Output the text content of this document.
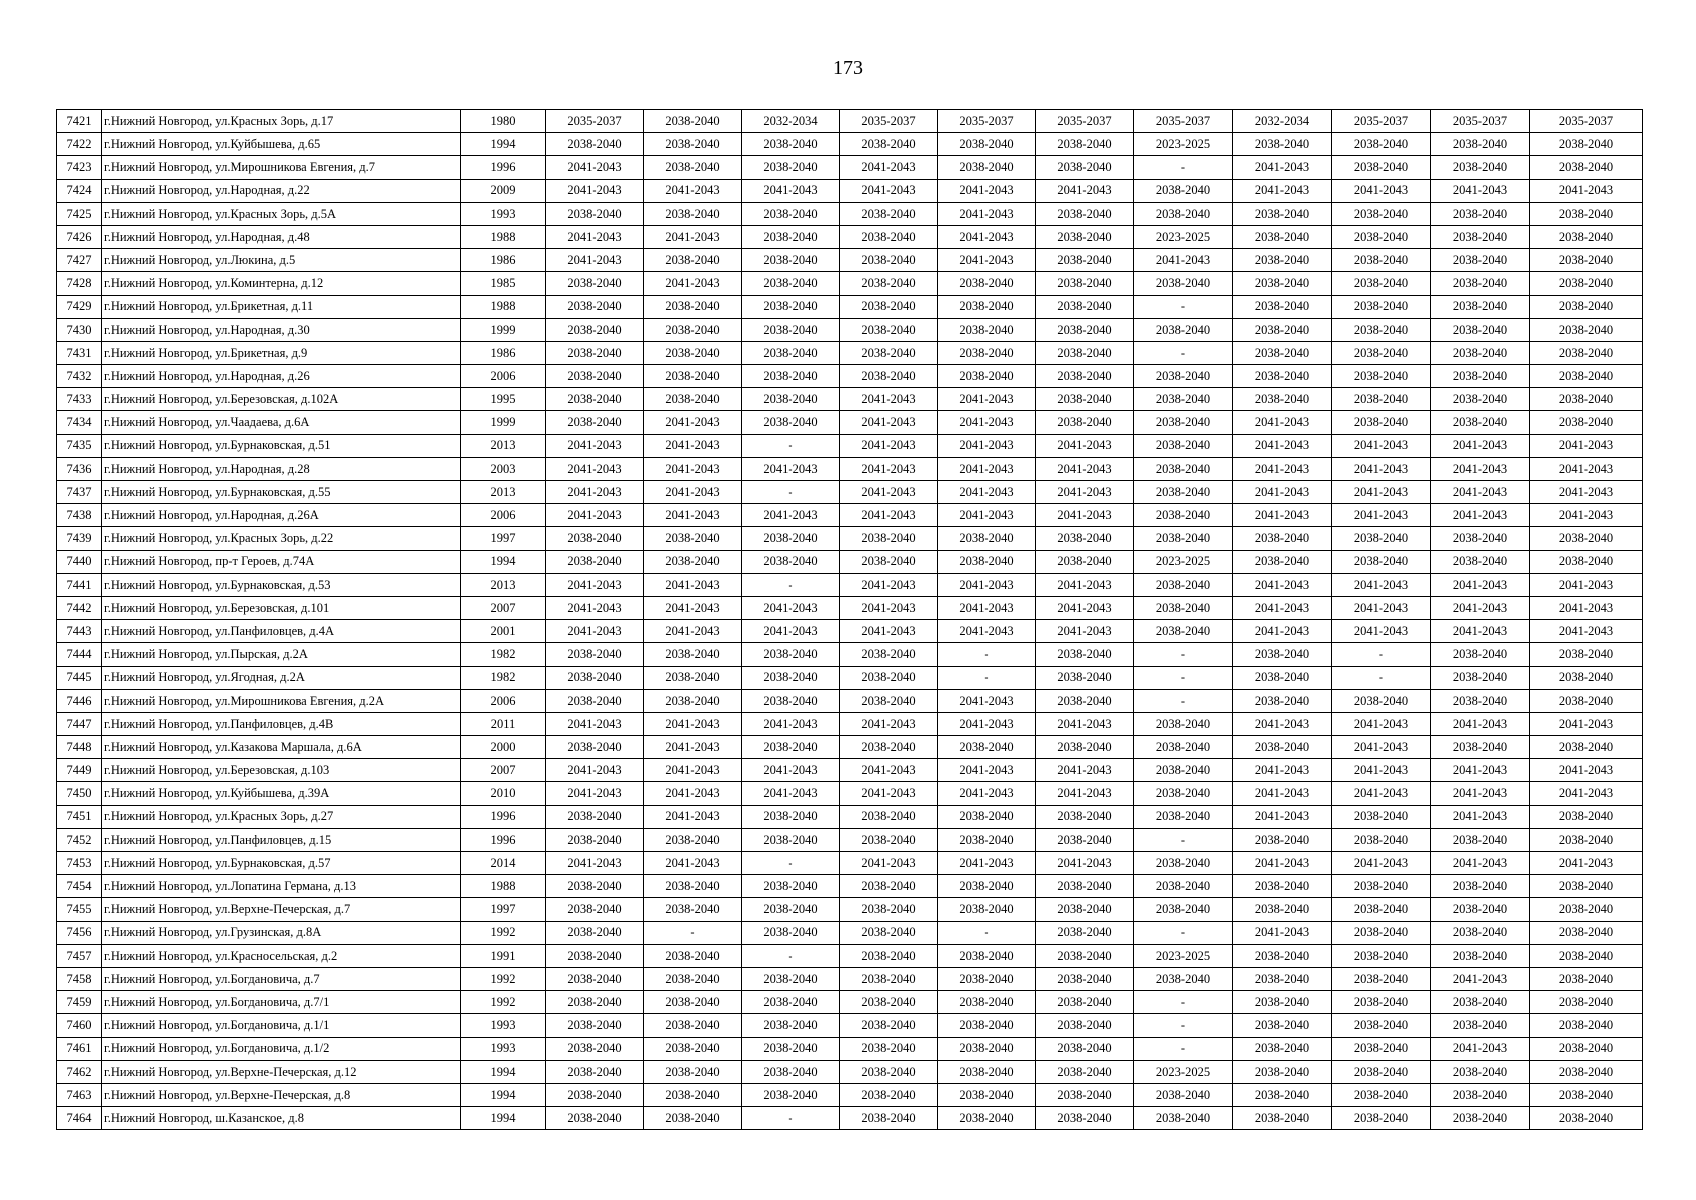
173
7421	г.Нижний Новгород, ул.Красных Зорь, д.17	1980	2035-2037	2038-2040	2032-2034	2035-2037	2035-2037	2035-2037	2035-2037	2032-2034	2035-2037	2035-2037	2035-2037
7422	г.Нижний Новгород, ул.Куйбышева, д.65	1994	2038-2040	2038-2040	2038-2040	2038-2040	2038-2040	2038-2040	2023-2025	2038-2040	2038-2040	2038-2040	2038-2040
7423	г.Нижний Новгород, ул.Мирошникова Евгения, д.7	1996	2041-2043	2038-2040	2038-2040	2041-2043	2038-2040	2038-2040	-	2041-2043	2038-2040	2038-2040	2038-2040
7424	г.Нижний Новгород, ул.Народная, д.22	2009	2041-2043	2041-2043	2041-2043	2041-2043	2041-2043	2041-2043	2038-2040	2041-2043	2041-2043	2041-2043	2041-2043
7425	г.Нижний Новгород, ул.Красных Зорь, д.5А	1993	2038-2040	2038-2040	2038-2040	2038-2040	2041-2043	2038-2040	2038-2040	2038-2040	2038-2040	2038-2040	2038-2040
7426	г.Нижний Новгород, ул.Народная, д.48	1988	2041-2043	2041-2043	2038-2040	2038-2040	2041-2043	2038-2040	2023-2025	2038-2040	2038-2040	2038-2040	2038-2040
7427	г.Нижний Новгород, ул.Люкина, д.5	1986	2041-2043	2038-2040	2038-2040	2038-2040	2041-2043	2038-2040	2041-2043	2038-2040	2038-2040	2038-2040	2038-2040
7428	г.Нижний Новгород, ул.Коминтерна, д.12	1985	2038-2040	2041-2043	2038-2040	2038-2040	2038-2040	2038-2040	2038-2040	2038-2040	2038-2040	2038-2040	2038-2040
7429	г.Нижний Новгород, ул.Брикетная, д.11	1988	2038-2040	2038-2040	2038-2040	2038-2040	2038-2040	2038-2040	-	2038-2040	2038-2040	2038-2040	2038-2040
7430	г.Нижний Новгород, ул.Народная, д.30	1999	2038-2040	2038-2040	2038-2040	2038-2040	2038-2040	2038-2040	2038-2040	2038-2040	2038-2040	2038-2040	2038-2040
7431	г.Нижний Новгород, ул.Брикетная, д.9	1986	2038-2040	2038-2040	2038-2040	2038-2040	2038-2040	2038-2040	-	2038-2040	2038-2040	2038-2040	2038-2040
7432	г.Нижний Новгород, ул.Народная, д.26	2006	2038-2040	2038-2040	2038-2040	2038-2040	2038-2040	2038-2040	2038-2040	2038-2040	2038-2040	2038-2040	2038-2040
7433	г.Нижний Новгород, ул.Березовская, д.102А	1995	2038-2040	2038-2040	2038-2040	2041-2043	2041-2043	2038-2040	2038-2040	2038-2040	2038-2040	2038-2040	2038-2040
7434	г.Нижний Новгород, ул.Чаадаева, д.6А	1999	2038-2040	2041-2043	2038-2040	2041-2043	2041-2043	2038-2040	2038-2040	2041-2043	2038-2040	2038-2040	2038-2040
7435	г.Нижний Новгород, ул.Бурнаковская, д.51	2013	2041-2043	2041-2043	-	2041-2043	2041-2043	2041-2043	2038-2040	2041-2043	2041-2043	2041-2043	2041-2043
7436	г.Нижний Новгород, ул.Народная, д.28	2003	2041-2043	2041-2043	2041-2043	2041-2043	2041-2043	2041-2043	2038-2040	2041-2043	2041-2043	2041-2043	2041-2043
7437	г.Нижний Новгород, ул.Бурнаковская, д.55	2013	2041-2043	2041-2043	-	2041-2043	2041-2043	2041-2043	2038-2040	2041-2043	2041-2043	2041-2043	2041-2043
7438	г.Нижний Новгород, ул.Народная, д.26А	2006	2041-2043	2041-2043	2041-2043	2041-2043	2041-2043	2041-2043	2038-2040	2041-2043	2041-2043	2041-2043	2041-2043
7439	г.Нижний Новгород, ул.Красных Зорь, д.22	1997	2038-2040	2038-2040	2038-2040	2038-2040	2038-2040	2038-2040	2038-2040	2038-2040	2038-2040	2038-2040	2038-2040
7440	г.Нижний Новгород, пр-т Героев, д.74А	1994	2038-2040	2038-2040	2038-2040	2038-2040	2038-2040	2038-2040	2023-2025	2038-2040	2038-2040	2038-2040	2038-2040
7441	г.Нижний Новгород, ул.Бурнаковская, д.53	2013	2041-2043	2041-2043	-	2041-2043	2041-2043	2041-2043	2038-2040	2041-2043	2041-2043	2041-2043	2041-2043
7442	г.Нижний Новгород, ул.Березовская, д.101	2007	2041-2043	2041-2043	2041-2043	2041-2043	2041-2043	2041-2043	2038-2040	2041-2043	2041-2043	2041-2043	2041-2043
7443	г.Нижний Новгород, ул.Панфиловцев, д.4А	2001	2041-2043	2041-2043	2041-2043	2041-2043	2041-2043	2041-2043	2038-2040	2041-2043	2041-2043	2041-2043	2041-2043
7444	г.Нижний Новгород, ул.Пырская, д.2А	1982	2038-2040	2038-2040	2038-2040	2038-2040	-	2038-2040	-	2038-2040	-	2038-2040	2038-2040
7445	г.Нижний Новгород, ул.Ягодная, д.2А	1982	2038-2040	2038-2040	2038-2040	2038-2040	-	2038-2040	-	2038-2040	-	2038-2040	2038-2040
7446	г.Нижний Новгород, ул.Мирошникова Евгения, д.2А	2006	2038-2040	2038-2040	2038-2040	2038-2040	2041-2043	2038-2040	-	2038-2040	2038-2040	2038-2040	2038-2040
7447	г.Нижний Новгород, ул.Панфиловцев, д.4В	2011	2041-2043	2041-2043	2041-2043	2041-2043	2041-2043	2041-2043	2038-2040	2041-2043	2041-2043	2041-2043	2041-2043
7448	г.Нижний Новгород, ул.Казакова Маршала, д.6А	2000	2038-2040	2041-2043	2038-2040	2038-2040	2038-2040	2038-2040	2038-2040	2038-2040	2041-2043	2038-2040	2038-2040
7449	г.Нижний Новгород, ул.Березовская, д.103	2007	2041-2043	2041-2043	2041-2043	2041-2043	2041-2043	2041-2043	2038-2040	2041-2043	2041-2043	2041-2043	2041-2043
7450	г.Нижний Новгород, ул.Куйбышева, д.39А	2010	2041-2043	2041-2043	2041-2043	2041-2043	2041-2043	2041-2043	2038-2040	2041-2043	2041-2043	2041-2043	2041-2043
7451	г.Нижний Новгород, ул.Красных Зорь, д.27	1996	2038-2040	2041-2043	2038-2040	2038-2040	2038-2040	2038-2040	2038-2040	2041-2043	2038-2040	2041-2043	2038-2040
7452	г.Нижний Новгород, ул.Панфиловцев, д.15	1996	2038-2040	2038-2040	2038-2040	2038-2040	2038-2040	2038-2040	-	2038-2040	2038-2040	2038-2040	2038-2040
7453	г.Нижний Новгород, ул.Бурнаковская, д.57	2014	2041-2043	2041-2043	-	2041-2043	2041-2043	2041-2043	2038-2040	2041-2043	2041-2043	2041-2043	2041-2043
7454	г.Нижний Новгород, ул.Лопатина Германа, д.13	1988	2038-2040	2038-2040	2038-2040	2038-2040	2038-2040	2038-2040	2038-2040	2038-2040	2038-2040	2038-2040	2038-2040
7455	г.Нижний Новгород, ул.Верхне-Печерская, д.7	1997	2038-2040	2038-2040	2038-2040	2038-2040	2038-2040	2038-2040	2038-2040	2038-2040	2038-2040	2038-2040	2038-2040
7456	г.Нижний Новгород, ул.Грузинская, д.8А	1992	2038-2040	-	2038-2040	2038-2040	-	2038-2040	-	2041-2043	2038-2040	2038-2040	2038-2040
7457	г.Нижний Новгород, ул.Красносельская, д.2	1991	2038-2040	2038-2040	-	2038-2040	2038-2040	2038-2040	2023-2025	2038-2040	2038-2040	2038-2040	2038-2040
7458	г.Нижний Новгород, ул.Богдановича, д.7	1992	2038-2040	2038-2040	2038-2040	2038-2040	2038-2040	2038-2040	2038-2040	2038-2040	2038-2040	2041-2043	2038-2040
7459	г.Нижний Новгород, ул.Богдановича, д.7/1	1992	2038-2040	2038-2040	2038-2040	2038-2040	2038-2040	2038-2040	-	2038-2040	2038-2040	2038-2040	2038-2040
7460	г.Нижний Новгород, ул.Богдановича, д.1/1	1993	2038-2040	2038-2040	2038-2040	2038-2040	2038-2040	2038-2040	-	2038-2040	2038-2040	2038-2040	2038-2040
7461	г.Нижний Новгород, ул.Богдановича, д.1/2	1993	2038-2040	2038-2040	2038-2040	2038-2040	2038-2040	2038-2040	-	2038-2040	2038-2040	2041-2043	2038-2040
7462	г.Нижний Новгород, ул.Верхне-Печерская, д.12	1994	2038-2040	2038-2040	2038-2040	2038-2040	2038-2040	2038-2040	2023-2025	2038-2040	2038-2040	2038-2040	2038-2040
7463	г.Нижний Новгород, ул.Верхне-Печерская, д.8	1994	2038-2040	2038-2040	2038-2040	2038-2040	2038-2040	2038-2040	2038-2040	2038-2040	2038-2040	2038-2040	2038-2040
7464	г.Нижний Новгород, ш.Казанское, д.8	1994	2038-2040	2038-2040	-	2038-2040	2038-2040	2038-2040	2038-2040	2038-2040	2038-2040	2038-2040	2038-2040
